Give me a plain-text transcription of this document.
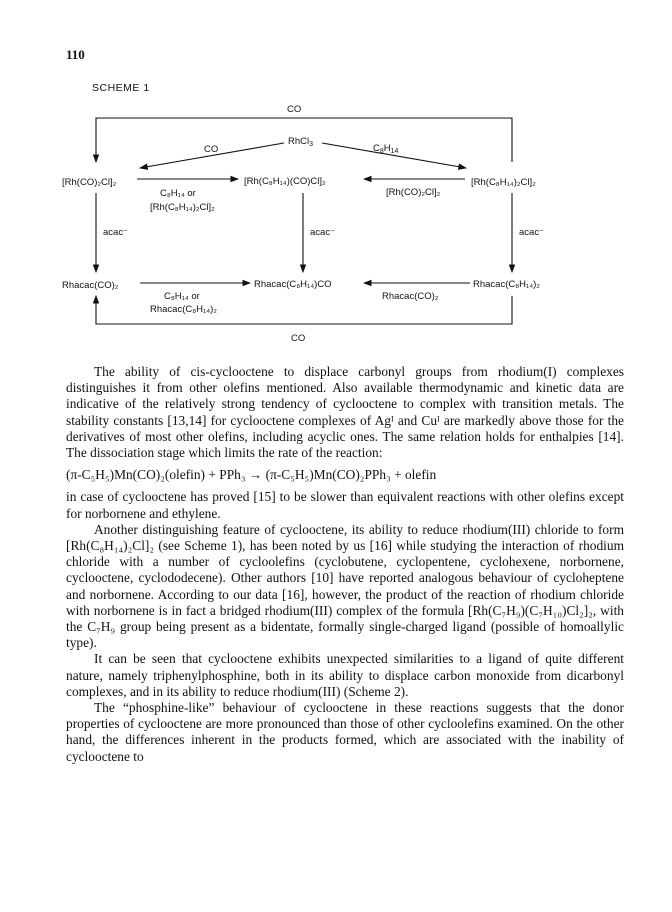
110
SCHEME 1
CO
RhCl$_3$
CO	$C_8H_{14}$
[Rh(CO)₂Cl]₂	[Rh(C₈H₁₄)(CO)Cl]₂	[Rh(C₈H₁₄)₂Cl]₂
C₈H₁₄ or
[Rh(C₈H₁₄)₂Cl]₂
[Rh(CO)₂Cl]₂
acac⁻	acac⁻	acac⁻
Rhacac(CO)₂	Rhacac(C₈H₁₄)CO	Rhacac(C₈H₁₄)₂
C₈H₁₄ or
Rhacac(C₈H₁₄)₂
Rhacac(CO)₂
CO

The ability of cis-cyclooctene to displace carbonyl groups from rhodium(I) complexes distinguishes it from other olefins mentioned. Also available thermodynamic and kinetic data are indicative of the relatively strong tendency of cyclooctene to complex with transition metals. The stability constants [13,14] for cyclooctene complexes of Agᴵ and Cuᴵ are markedly above those for the derivatives of most other olefins, including acyclic ones. The same relation holds for enthalpies [14]. The dissociation stage which limits the rate of the reaction:

(π-C₅H₅)Mn(CO)₂(olefin) + PPh₃ → (π-C₅H₅)Mn(CO)₂PPh₃ + olefin

in case of cyclooctene has proved [15] to be slower than equivalent reactions with other olefins except for norbornene and ethylene.

Another distinguishing feature of cyclooctene, its ability to reduce rhodium(III) chloride to form [Rh(C₈H₁₄)₂Cl]₂ (see Scheme 1), has been noted by us [16] while studying the interaction of rhodium chloride with a number of cycloolefins (cyclobutene, cyclopentene, cyclohexene, norbornene, cyclooctene, cyclododecene). Other authors [10] have reported analogous behaviour of cycloheptene and norbornene. According to our data [16], however, the product of the reaction of rhodium chloride with norbornene is in fact a bridged rhodium(III) complex of the formula [Rh(C₇H₉)(C₇H₁₀)Cl₂]₂, with the C₇H₉ group being present as a bidentate, formally single-charged ligand (possible of homoallylic type).

It can be seen that cyclooctene exhibits unexpected similarities to a ligand of quite different nature, namely triphenylphosphine, both in its ability to displace carbon monoxide from dicarbonyl complexes, and in its ability to reduce rhodium(III) (Scheme 2).

The “phosphine-like” behaviour of cyclooctene in these reactions suggests that the donor properties of cyclooctene are more pronounced than those of other cycloolefins examined. On the other hand, the differences inherent in the products formed, which are associated with the inability of cyclooctene to
